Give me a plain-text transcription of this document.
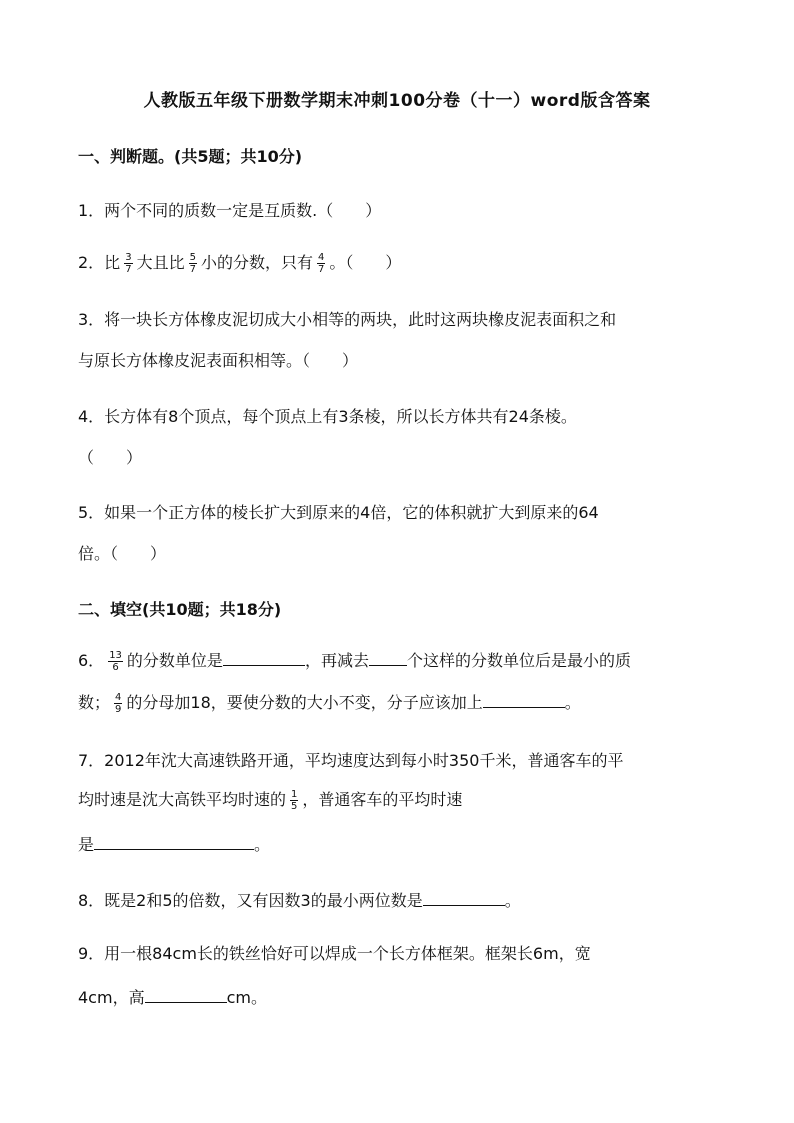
人教版五年级下册数学期末冲刺100分卷（十一）word版含答案
一、判断题。(共5题；共10分)
1．两个不同的质数一定是互质数.（　　）
2．比 $\frac{3}{7}$ 大且比 $\frac{5}{7}$ 小的分数，只有 $\frac{4}{7}$ 。（　　）
3．将一块长方体橡皮泥切成大小相等的两块，此时这两块橡皮泥表面积之和
与原长方体橡皮泥表面积相等。（　　）
4．长方体有8个顶点，每个顶点上有3条棱，所以长方体共有24条棱。
（　　）
5．如果一个正方体的棱长扩大到原来的4倍，它的体积就扩大到原来的64
倍。（　　）
二、填空(共10题；共18分)
6． $\frac{13}{6}$ 的分数单位是	，再减去 个这样的分数单位后是最小的质
数； $\frac{4}{9}$ 的分母加18，要使分数的大小不变，分子应该加上	。
7．2012年沈大高速铁路开通，平均速度达到每小时350千米，普通客车的平
均时速是沈大高铁平均时速的 $\frac{1}{5}$ ，普通客车的平均时速
是	。
8．既是2和5的倍数，又有因数3的最小两位数是	。
9．用一根84cm长的铁丝恰好可以焊成一个长方体框架。框架长6m，宽
4cm，高	cm。
